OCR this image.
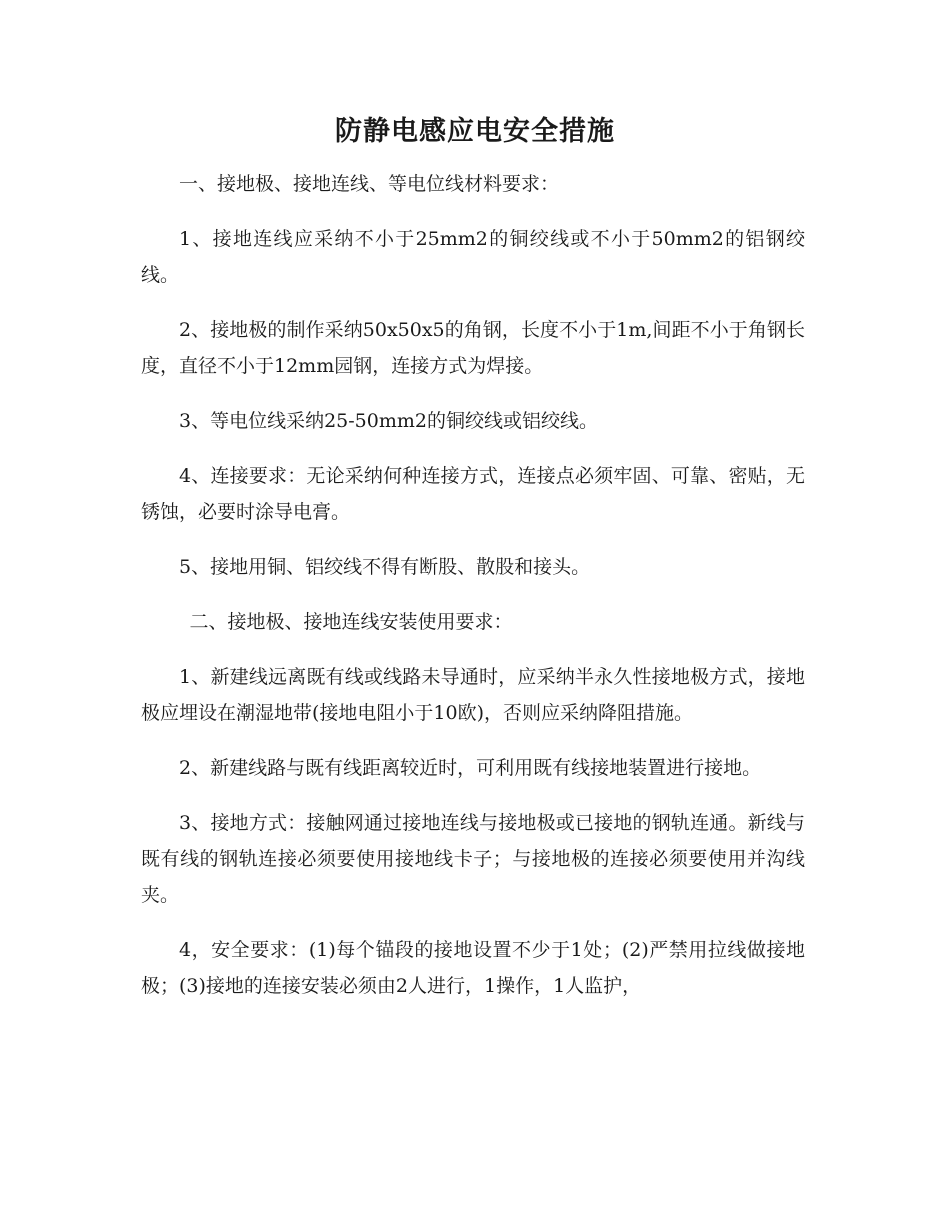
防静电感应电安全措施

一、接地极、接地连线、等电位线材料要求：

1、接地连线应采纳不小于25mm2的铜绞线或不小于50mm2的铝钢绞线。

2、接地极的制作采纳50x50x5的角钢，长度不小于1m,间距不小于角钢长度，直径不小于12mm园钢，连接方式为焊接。

3、等电位线采纳25-50mm2的铜绞线或铝绞线。

4、连接要求：无论采纳何种连接方式，连接点必须牢固、可靠、密贴，无锈蚀，必要时涂导电膏。

5、接地用铜、铝绞线不得有断股、散股和接头。

二、接地极、接地连线安装使用要求：

1、新建线远离既有线或线路未导通时，应采纳半永久性接地极方式，接地极应埋设在潮湿地带(接地电阻小于10欧)，否则应采纳降阻措施。

2、新建线路与既有线距离较近时，可利用既有线接地装置进行接地。

3、接地方式：接触网通过接地连线与接地极或已接地的钢轨连通。新线与既有线的钢轨连接必须要使用接地线卡子；与接地极的连接必须要使用并沟线夹。

4，安全要求：(1)每个锚段的接地设置不少于1处；(2)严禁用拉线做接地极；(3)接地的连接安装必须由2人进行，1操作，1人监护，
